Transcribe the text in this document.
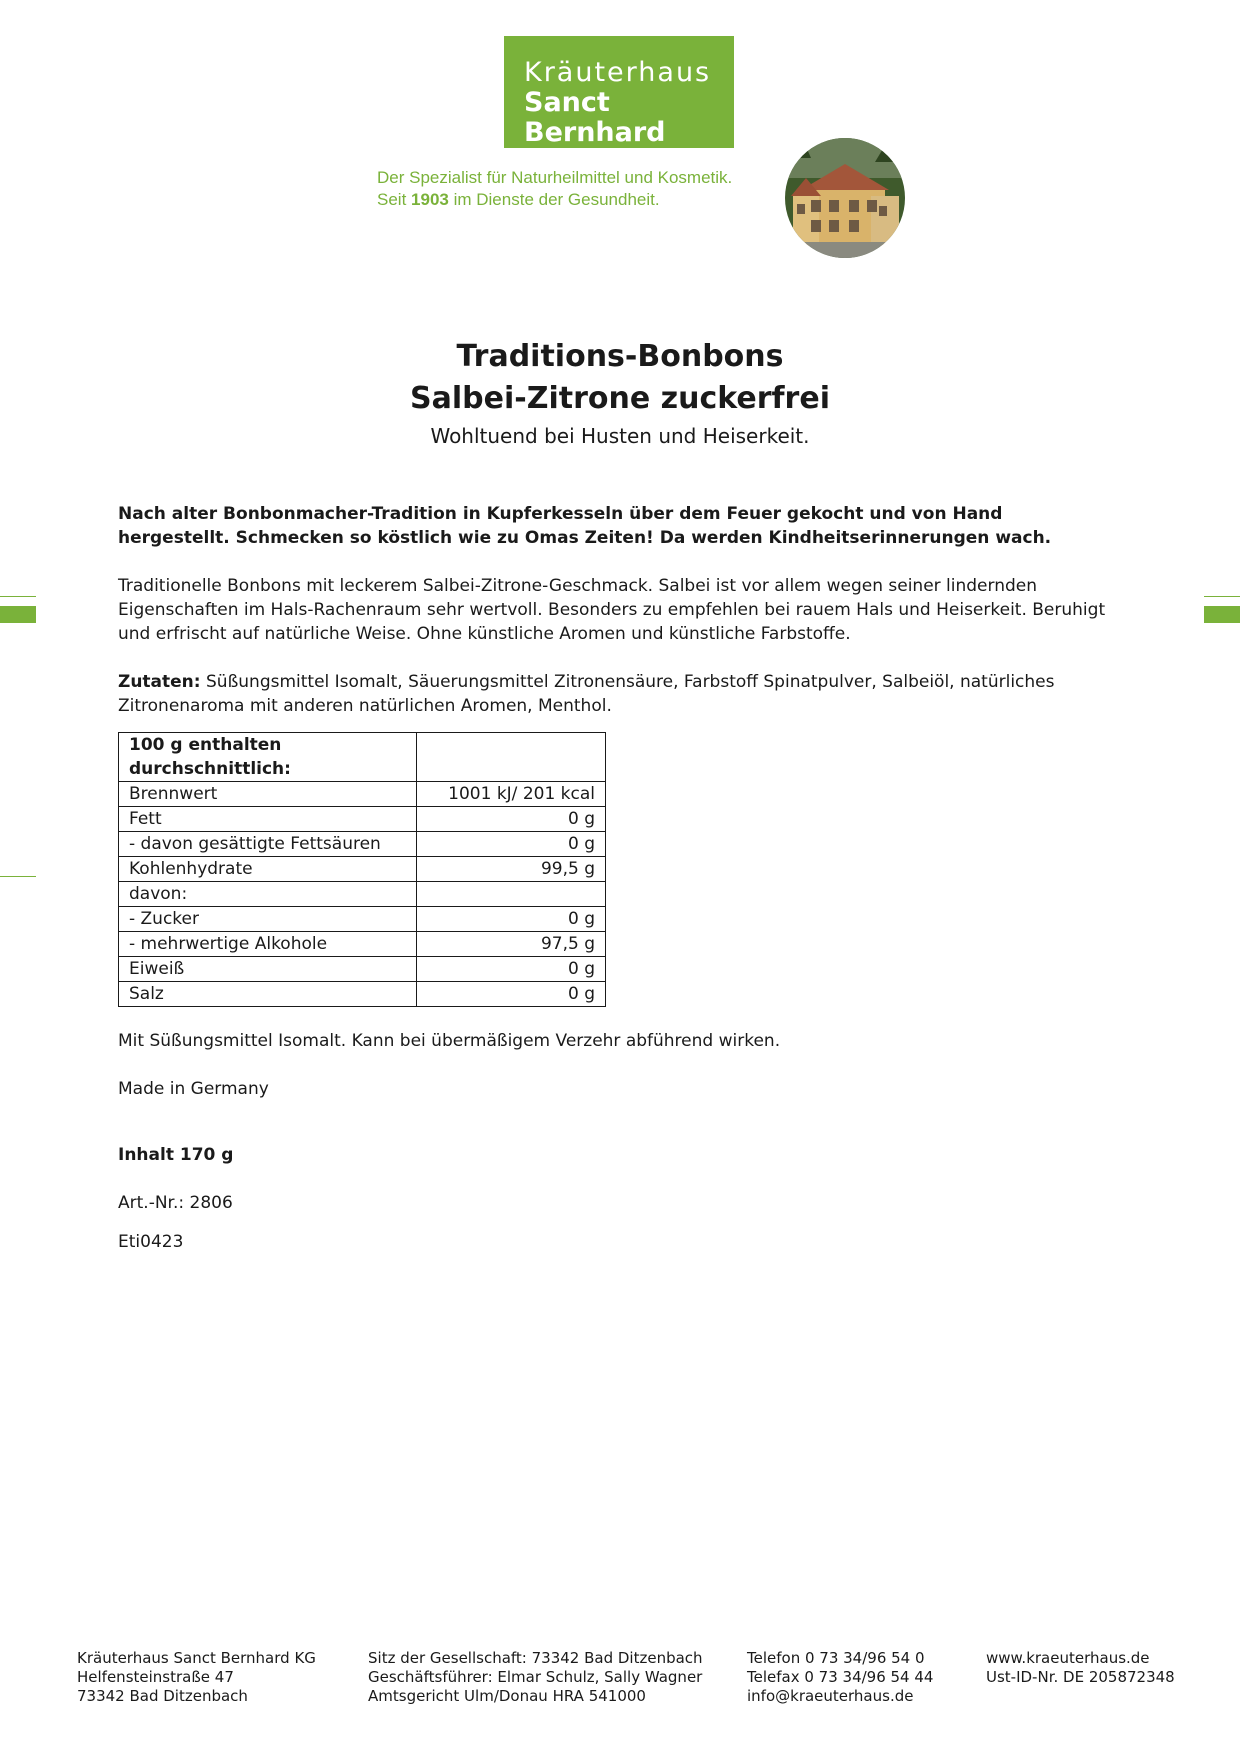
Kräuterhaus
Sanct Bernhard
Der Spezialist für Naturheilmittel und Kosmetik.
Seit 1903 im Dienste der Gesundheit.
Traditions-Bonbons
Salbei-Zitrone zuckerfrei
Wohltuend bei Husten und Heiserkeit.

Nach alter Bonbonmacher-Tradition in Kupferkesseln über dem Feuer gekocht und von Hand hergestellt. Schmecken so köstlich wie zu Omas Zeiten! Da werden Kindheitserinnerungen wach.

Traditionelle Bonbons mit leckerem Salbei-Zitrone-Geschmack. Salbei ist vor allem wegen seiner lindernden Eigenschaften im Hals-Rachenraum sehr wertvoll. Besonders zu empfehlen bei rauem Hals und Heiserkeit. Beruhigt und erfrischt auf natürliche Weise. Ohne künstliche Aromen und künstliche Farbstoffe.

Zutaten: Süßungsmittel Isomalt, Säuerungsmittel Zitronensäure, Farbstoff Spinatpulver, Salbeiöl, natürliches Zitronenaroma mit anderen natürlichen Aromen, Menthol.

100 g enthalten durchschnittlich:	
Brennwert	1001 kJ/ 201 kcal
Fett	0 g
- davon gesättigte Fettsäuren	0 g
Kohlenhydrate	99,5 g
davon:	
- Zucker	0 g
- mehrwertige Alkohole	97,5 g
Eiweiß	0 g
Salz	0 g

Mit Süßungsmittel Isomalt. Kann bei übermäßigem Verzehr abführend wirken.

Made in Germany

Inhalt 170 g

Art.-Nr.: 2806

Eti0423

Kräuterhaus Sanct Bernhard KG
Helfensteinstraße 47
73342 Bad Ditzenbach
Sitz der Gesellschaft: 73342 Bad Ditzenbach
Geschäftsführer: Elmar Schulz, Sally Wagner
Amtsgericht Ulm/Donau HRA 541000
Telefon 0 73 34/96 54 0
Telefax 0 73 34/96 54 44
info@kraeuterhaus.de
www.kraeuterhaus.de
Ust-ID-Nr. DE 205872348
